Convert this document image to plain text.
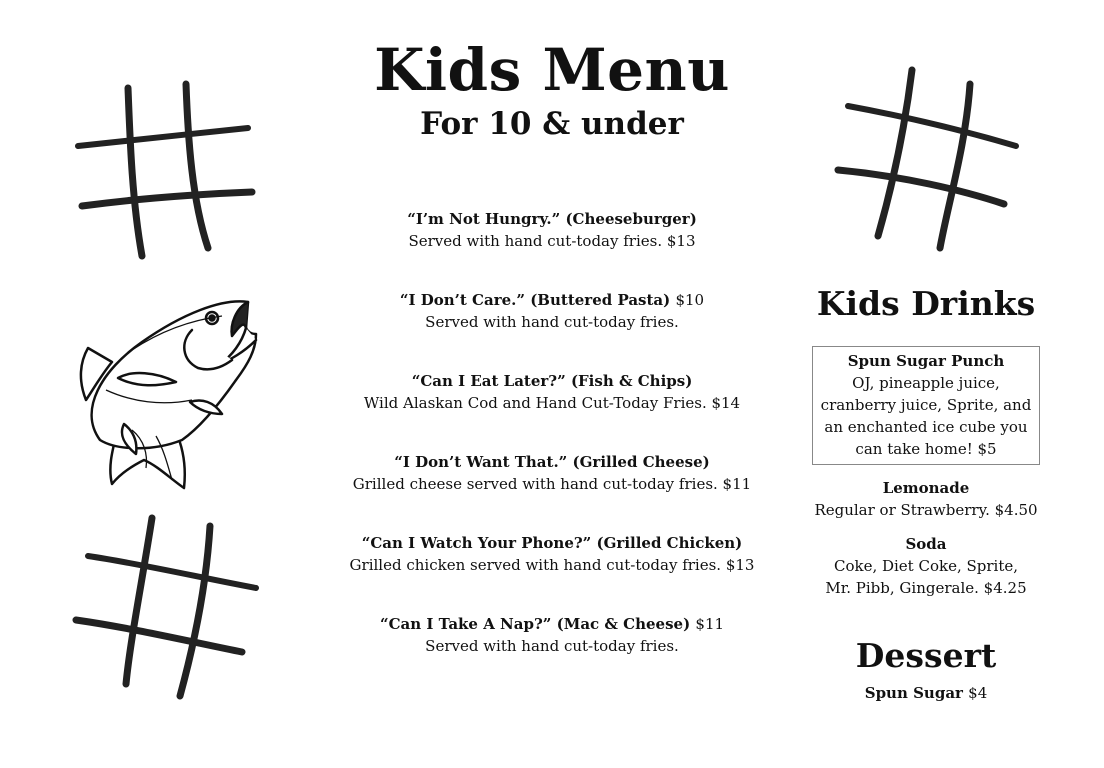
Kids Menu
For 10 & under
“I’m Not Hungry.” (Cheeseburger)
Served with hand cut-today fries. $13
“I Don’t Care.” (Buttered Pasta) $10
Served with hand cut-today fries.
“Can I Eat Later?” (Fish & Chips)
Wild Alaskan Cod and Hand Cut-Today Fries. $14
“I Don’t Want That.” (Grilled Cheese)
Grilled cheese served with hand cut-today fries. $11
“Can I Watch Your Phone?” (Grilled Chicken)
Grilled chicken served with hand cut-today fries. $13
“Can I Take A Nap?” (Mac & Cheese) $11
Served with hand cut-today fries.
Kids Drinks
Spun Sugar Punch
OJ, pineapple juice,
cranberry juice, Sprite, and
an enchanted ice cube you
can take home! $5
Lemonade
Regular or Strawberry. $4.50
Soda
Coke, Diet Coke, Sprite,
Mr. Pibb, Gingerale. $4.25
Dessert
Spun Sugar $4
